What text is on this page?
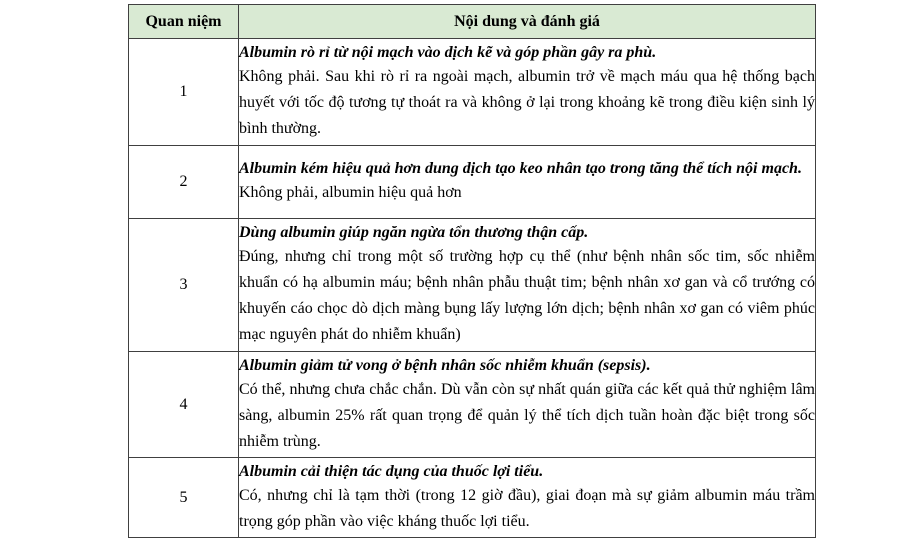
Quan niệm	Nội dung và đánh giá
1	Albumin rò rỉ từ nội mạch vào dịch kẽ và góp phần gây ra phù.
Không phải. Sau khi rò rỉ ra ngoài mạch, albumin trở về mạch máu qua hệ thống bạch huyết với tốc độ tương tự thoát ra và không ở lại trong khoảng kẽ trong điều kiện sinh lý bình thường.

2	Albumin kém hiệu quả hơn dung dịch tạo keo nhân tạo trong tăng thể tích nội mạch.
Không phải, albumin hiệu quả hơn

3	Dùng albumin giúp ngăn ngừa tổn thương thận cấp.
Đúng, nhưng chỉ trong một số trường hợp cụ thể (như bệnh nhân sốc tim, sốc nhiễm khuẩn có hạ albumin máu; bệnh nhân phẫu thuật tim; bệnh nhân xơ gan và cổ trướng có khuyến cáo chọc dò dịch màng bụng lấy lượng lớn dịch; bệnh nhân xơ gan có viêm phúc mạc nguyên phát do nhiễm khuẩn)

4	Albumin giảm tử vong ở bệnh nhân sốc nhiễm khuẩn (sepsis).
Có thể, nhưng chưa chắc chắn. Dù vẫn còn sự nhất quán giữa các kết quả thử nghiệm lâm sàng, albumin 25% rất quan trọng để quản lý thể tích dịch tuần hoàn đặc biệt trong sốc nhiễm trùng.

5	Albumin cải thiện tác dụng của thuốc lợi tiểu.
Có, nhưng chỉ là tạm thời (trong 12 giờ đầu), giai đoạn mà sự giảm albumin máu trầm trọng góp phần vào việc kháng thuốc lợi tiểu.
